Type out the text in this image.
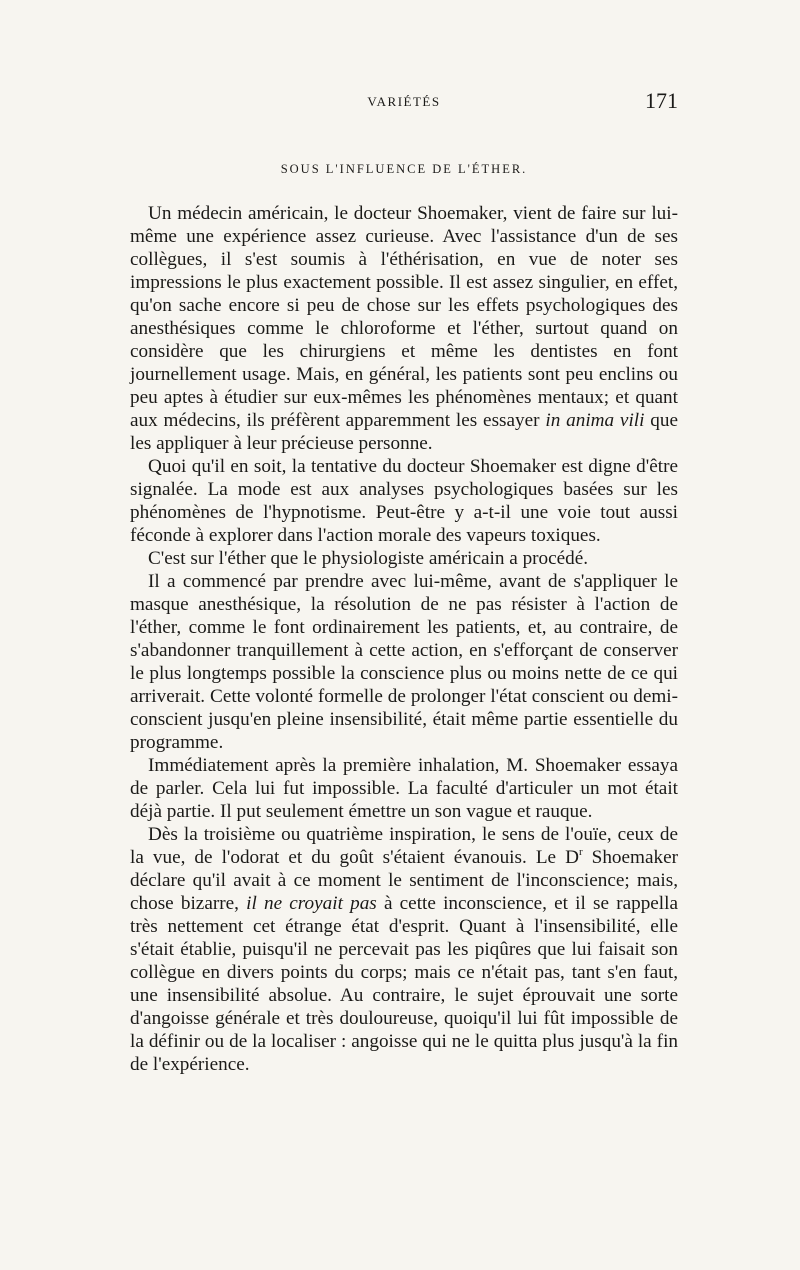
VARIÉTÉS	171
SOUS L'INFLUENCE DE L'ÉTHER.

Un médecin américain, le docteur Shoemaker, vient de faire sur lui-même une expérience assez curieuse. Avec l'assistance d'un de ses collègues, il s'est soumis à l'éthérisation, en vue de noter ses impressions le plus exactement possible. Il est assez singulier, en effet, qu'on sache encore si peu de chose sur les effets psychologiques des anesthésiques comme le chloroforme et l'éther, surtout quand on considère que les chirurgiens et même les dentistes en font journellement usage. Mais, en général, les patients sont peu enclins ou peu aptes à étudier sur eux-mêmes les phénomènes mentaux; et quant aux médecins, ils préfèrent apparemment les essayer in anima vili que les appliquer à leur précieuse personne.

Quoi qu'il en soit, la tentative du docteur Shoemaker est digne d'être signalée. La mode est aux analyses psychologiques basées sur les phénomènes de l'hypnotisme. Peut-être y a-t-il une voie tout aussi féconde à explorer dans l'action morale des vapeurs toxiques.

C'est sur l'éther que le physiologiste américain a procédé.

Il a commencé par prendre avec lui-même, avant de s'appliquer le masque anesthésique, la résolution de ne pas résister à l'action de l'éther, comme le font ordinairement les patients, et, au contraire, de s'abandonner tranquillement à cette action, en s'efforçant de conserver le plus longtemps possible la conscience plus ou moins nette de ce qui arriverait. Cette volonté formelle de prolonger l'état conscient ou demi-conscient jusqu'en pleine insensibilité, était même partie essentielle du programme.

Immédiatement après la première inhalation, M. Shoemaker essaya de parler. Cela lui fut impossible. La faculté d'articuler un mot était déjà partie. Il put seulement émettre un son vague et rauque.

Dès la troisième ou quatrième inspiration, le sens de l'ouïe, ceux de la vue, de l'odorat et du goût s'étaient évanouis. Le $D^r$ Shoemaker déclare qu'il avait à ce moment le sentiment de l'inconscience; mais, chose bizarre, il ne croyait pas à cette inconscience, et il se rappella très nettement cet étrange état d'esprit. Quant à l'insensibilité, elle s'était établie, puisqu'il ne percevait pas les piqûres que lui faisait son collègue en divers points du corps; mais ce n'était pas, tant s'en faut, une insensibilité absolue. Au contraire, le sujet éprouvait une sorte d'angoisse générale et très douloureuse, quoiqu'il lui fût impossible de la définir ou de la localiser : angoisse qui ne le quitta plus jusqu'à la fin de l'expérience.
